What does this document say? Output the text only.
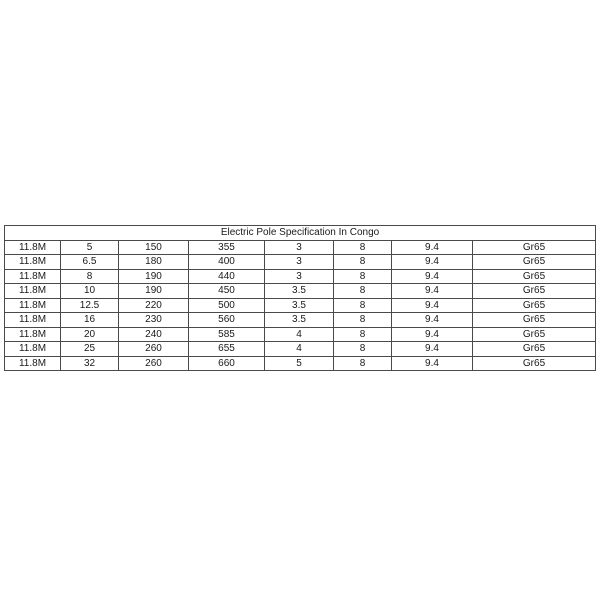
Electric Pole Specification In Congo							
11.8M	5	150	355	3	8	9.4	Gr65
11.8M	6.5	180	400	3	8	9.4	Gr65
11.8M	8	190	440	3	8	9.4	Gr65
11.8M	10	190	450	3.5	8	9.4	Gr65
11.8M	12.5	220	500	3.5	8	9.4	Gr65
11.8M	16	230	560	3.5	8	9.4	Gr65
11.8M	20	240	585	4	8	9.4	Gr65
11.8M	25	260	655	4	8	9.4	Gr65
11.8M	32	260	660	5	8	9.4	Gr65
